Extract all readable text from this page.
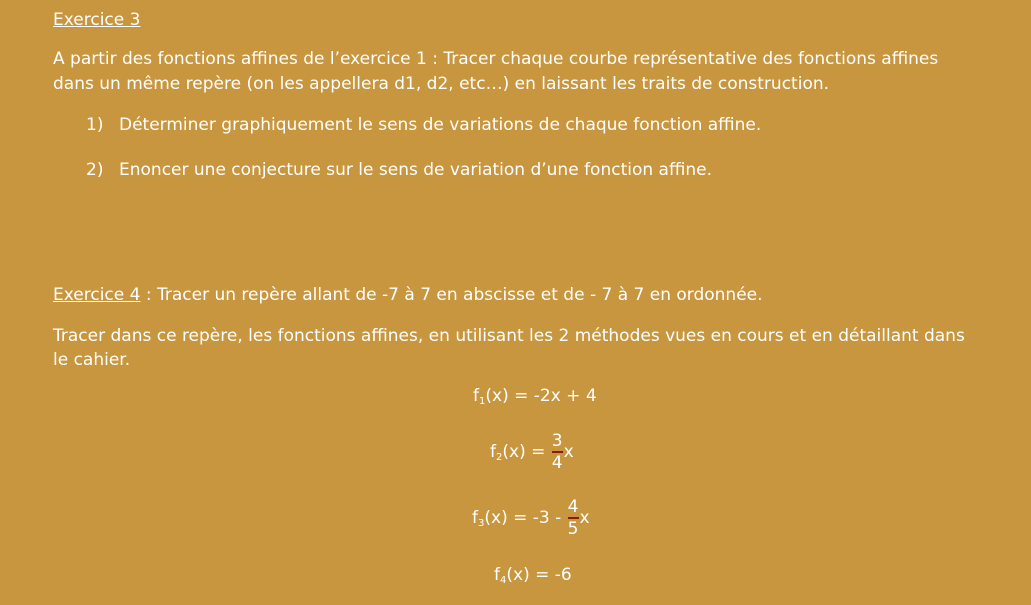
Exercice 3
A partir des fonctions affines de l’exercice 1 : Tracer chaque courbe représentative des fonctions affines
dans un même repère (on les appellera d1, d2, etc…) en laissant les traits de construction.
1) Déterminer graphiquement le sens de variations de chaque fonction affine.
2) Enoncer une conjecture sur le sens de variation d’une fonction affine.
Exercice 4 : Tracer un repère allant de -7 à 7 en abscisse et de - 7 à 7 en ordonnée.
Tracer dans ce repère, les fonctions affines, en utilisant les 2 méthodes vues en cours et en détaillant dans
le cahier.
$f_1(x) = -2x + 4$
$f_2(x) = \frac{3}{4}$ x
$f_3(x) = -3 - \frac{4}{5}$ x
$f_4(x) = -6$
